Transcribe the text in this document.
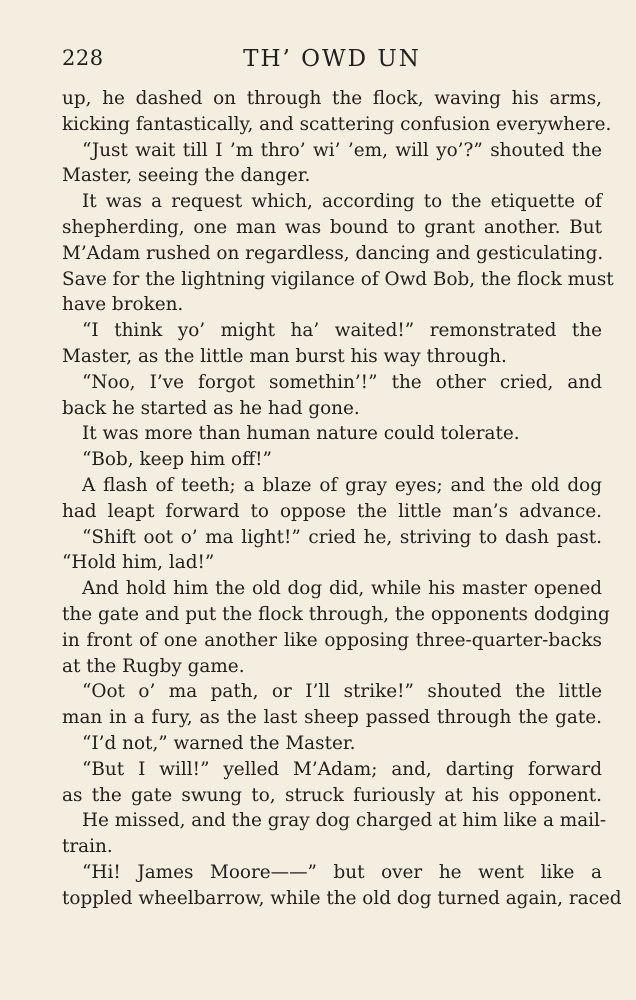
228	TH’ OWD UN
up, he dashed on through the flock, waving his arms,
kicking fantastically, and scattering confusion everywhere.
“Just wait till I ’m thro’ wi’ ’em, will yo’?” shouted the
Master, seeing the danger.
It was a request which, according to the etiquette of
shepherding, one man was bound to grant another. But
M’Adam rushed on regardless, dancing and gesticulating.
Save for the lightning vigilance of Owd Bob, the flock must
have broken.
“I think yo’ might ha’ waited!” remonstrated the
Master, as the little man burst his way through.
“Noo, I’ve forgot somethin’!” the other cried, and
back he started as he had gone.
It was more than human nature could tolerate.
“Bob, keep him off!”
A flash of teeth; a blaze of gray eyes; and the old dog
had leapt forward to oppose the little man’s advance.
“Shift oot o’ ma light!” cried he, striving to dash past.
“Hold him, lad!”
And hold him the old dog did, while his master opened
the gate and put the flock through, the opponents dodging
in front of one another like opposing three-quarter-backs
at the Rugby game.
“Oot o’ ma path, or I’ll strike!” shouted the little
man in a fury, as the last sheep passed through the gate.
“I’d not,” warned the Master.
“But I will!” yelled M’Adam; and, darting forward
as the gate swung to, struck furiously at his opponent.
He missed, and the gray dog charged at him like a mail-
train.
“Hi! James Moore——” but over he went like a
toppled wheelbarrow, while the old dog turned again, raced
